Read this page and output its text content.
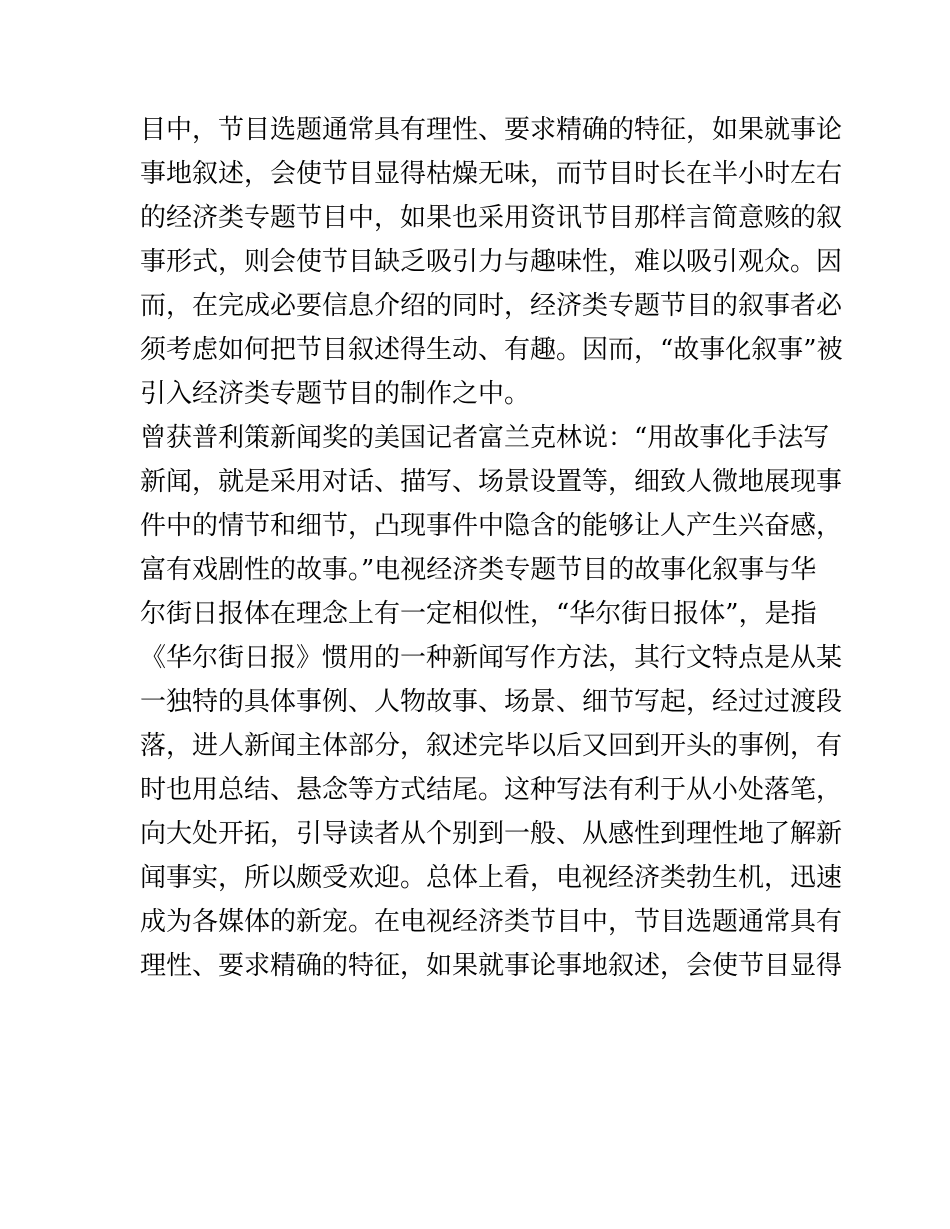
目中，节目选题通常具有理性、要求精确的特征，如果就事论
事地叙述，会使节目显得枯燥无味，而节目时长在半小时左右
的经济类专题节目中，如果也采用资讯节目那样言简意赅的叙
事形式，则会使节目缺乏吸引力与趣味性，难以吸引观众。因
而，在完成必要信息介绍的同时，经济类专题节目的叙事者必
须考虑如何把节目叙述得生动、有趣。因而，“故事化叙事”被
引入经济类专题节目的制作之中。
曾获普利策新闻奖的美国记者富兰克林说：“用故事化手法写
新闻，就是采用对话、描写、场景设置等，细致人微地展现事
件中的情节和细节，凸现事件中隐含的能够让人产生兴奋感，
富有戏剧性的故事。”电视经济类专题节目的故事化叙事与华
尔街日报体在理念上有一定相似性，“华尔街日报体”，是指
《华尔街日报》惯用的一种新闻写作方法，其行文特点是从某
一独特的具体事例、人物故事、场景、细节写起，经过过渡段
落，进人新闻主体部分，叙述完毕以后又回到开头的事例，有
时也用总结、悬念等方式结尾。这种写法有利于从小处落笔，
向大处开拓，引导读者从个别到一般、从感性到理性地了解新
闻事实，所以颇受欢迎。总体上看，电视经济类勃生机，迅速
成为各媒体的新宠。在电视经济类节目中，节目选题通常具有
理性、要求精确的特征，如果就事论事地叙述，会使节目显得
